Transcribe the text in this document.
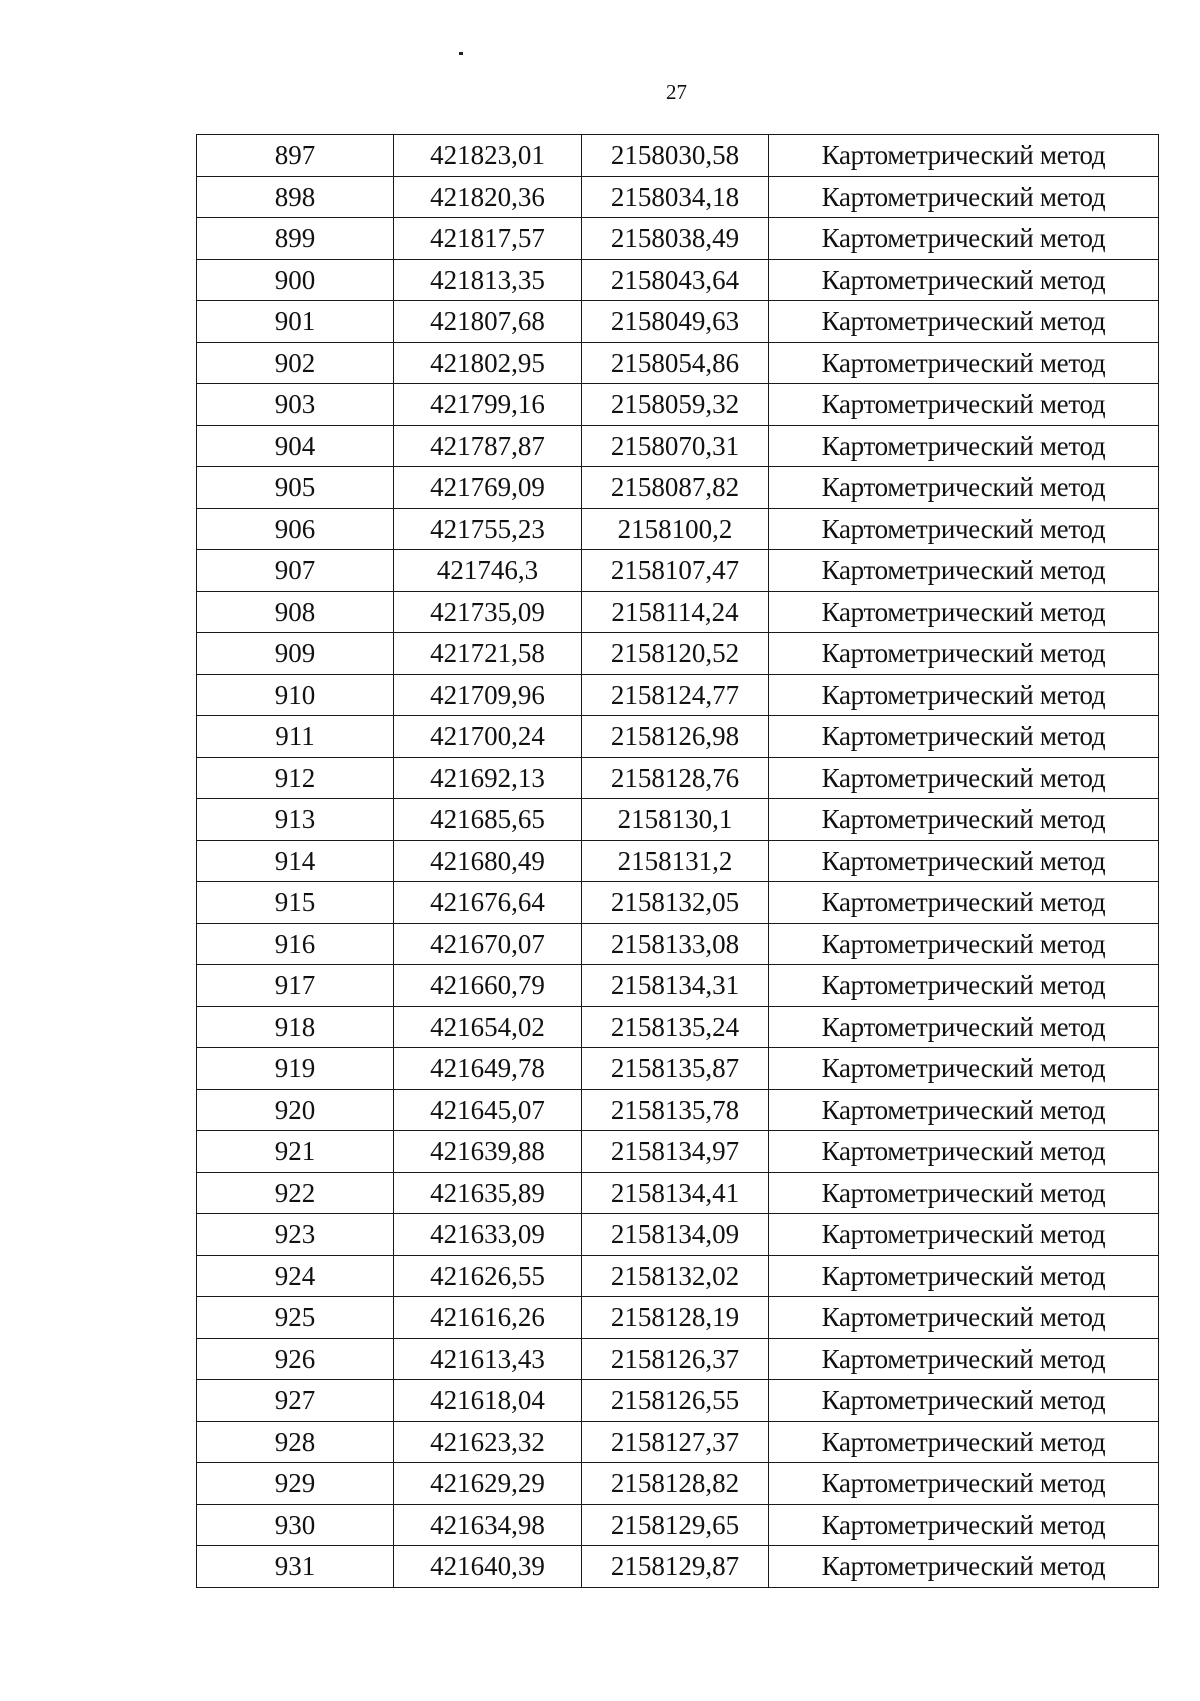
27
897	421823,01	2158030,58	Картометрический метод
898	421820,36	2158034,18	Картометрический метод
899	421817,57	2158038,49	Картометрический метод
900	421813,35	2158043,64	Картометрический метод
901	421807,68	2158049,63	Картометрический метод
902	421802,95	2158054,86	Картометрический метод
903	421799,16	2158059,32	Картометрический метод
904	421787,87	2158070,31	Картометрический метод
905	421769,09	2158087,82	Картометрический метод
906	421755,23	2158100,2	Картометрический метод
907	421746,3	2158107,47	Картометрический метод
908	421735,09	2158114,24	Картометрический метод
909	421721,58	2158120,52	Картометрический метод
910	421709,96	2158124,77	Картометрический метод
911	421700,24	2158126,98	Картометрический метод
912	421692,13	2158128,76	Картометрический метод
913	421685,65	2158130,1	Картометрический метод
914	421680,49	2158131,2	Картометрический метод
915	421676,64	2158132,05	Картометрический метод
916	421670,07	2158133,08	Картометрический метод
917	421660,79	2158134,31	Картометрический метод
918	421654,02	2158135,24	Картометрический метод
919	421649,78	2158135,87	Картометрический метод
920	421645,07	2158135,78	Картометрический метод
921	421639,88	2158134,97	Картометрический метод
922	421635,89	2158134,41	Картометрический метод
923	421633,09	2158134,09	Картометрический метод
924	421626,55	2158132,02	Картометрический метод
925	421616,26	2158128,19	Картометрический метод
926	421613,43	2158126,37	Картометрический метод
927	421618,04	2158126,55	Картометрический метод
928	421623,32	2158127,37	Картометрический метод
929	421629,29	2158128,82	Картометрический метод
930	421634,98	2158129,65	Картометрический метод
931	421640,39	2158129,87	Картометрический метод
